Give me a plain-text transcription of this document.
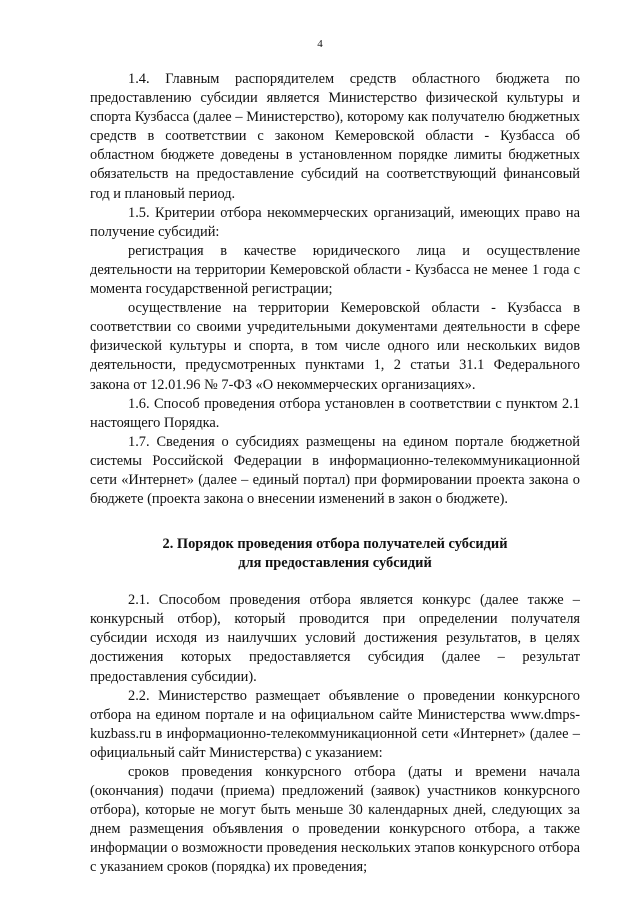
4

1.4. Главным распорядителем средств областного бюджета по предоставлению субсидии является Министерство физической культуры и спорта Кузбасса (далее – Министерство), которому как получателю бюджетных средств в соответствии с законом Кемеровской области - Кузбасса об областном бюджете доведены в установленном порядке лимиты бюджетных обязательств на предоставление субсидий на соответствующий финансовый год и плановый период.

1.5. Критерии отбора некоммерческих организаций, имеющих право на получение субсидий:

регистрация в качестве юридического лица и осуществление деятельности на территории Кемеровской области - Кузбасса не менее 1 года с момента государственной регистрации;

осуществление на территории Кемеровской области - Кузбасса в соответствии со своими учредительными документами деятельности в сфере физической культуры и спорта, в том числе одного или нескольких видов деятельности, предусмотренных пунктами 1, 2 статьи 31.1 Федерального закона от 12.01.96 № 7-ФЗ «О некоммерческих организациях».

1.6. Способ проведения отбора установлен в соответствии с пунктом 2.1 настоящего Порядка.

1.7. Сведения о субсидиях размещены на едином портале бюджетной системы Российской Федерации в информационно-телекоммуникационной сети «Интернет» (далее – единый портал) при формировании проекта закона о бюджете (проекта закона о внесении изменений в закон о бюджете).

2. Порядок проведения отбора получателей субсидий
для предоставления субсидий

2.1. Способом проведения отбора является конкурс (далее также – конкурсный отбор), который проводится при определении получателя субсидии исходя из наилучших условий достижения результатов, в целях достижения которых предоставляется субсидия (далее – результат предоставления субсидии).

2.2. Министерство размещает объявление о проведении конкурсного отбора на едином портале и на официальном сайте Министерства www.dmps-kuzbass.ru в информационно-телекоммуникационной сети «Интернет» (далее – официальный сайт Министерства) с указанием:

сроков проведения конкурсного отбора (даты и времени начала (окончания) подачи (приема) предложений (заявок) участников конкурсного отбора), которые не могут быть меньше 30 календарных дней, следующих за днем размещения объявления о проведении конкурсного отбора, а также информации о возможности проведения нескольких этапов конкурсного отбора с указанием сроков (порядка) их проведения;
